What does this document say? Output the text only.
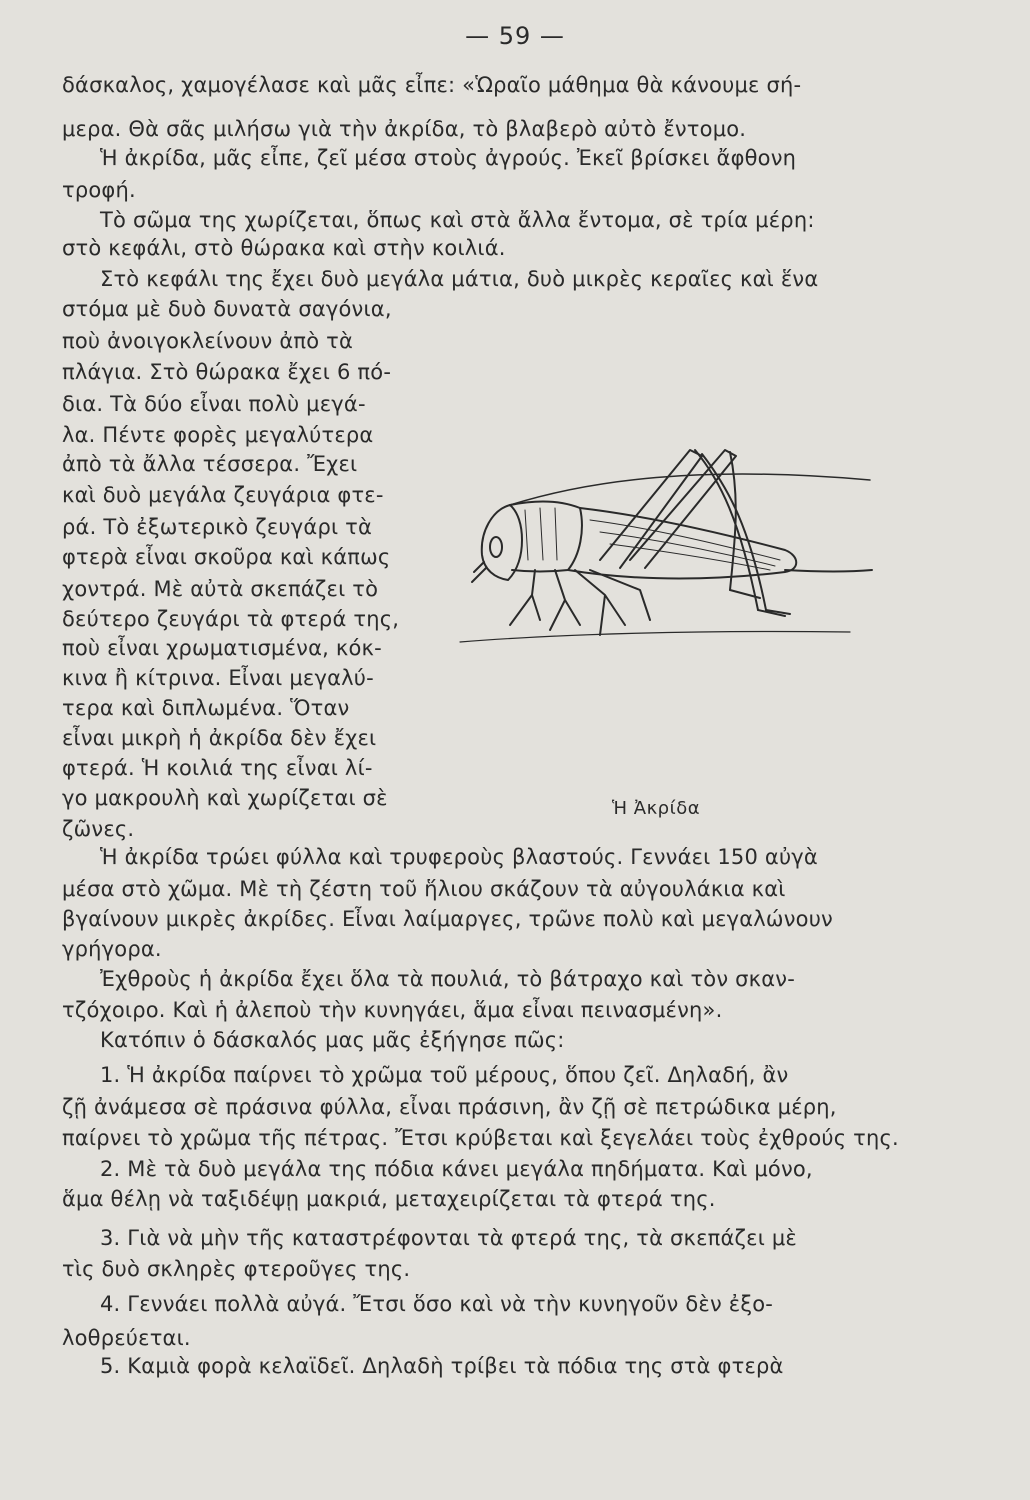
— 59 —
δάσκαλος, χαμογέλασε καὶ μᾶς εἶπε: «Ὡραῖο μάθημα θὰ κάνουμε σή-
μερα. Θὰ σᾶς μιλήσω γιὰ τὴν ἀκρίδα, τὸ βλαβερὸ αὐτὸ ἔντομο.
Ἡ ἀκρίδα, μᾶς εἶπε, ζεῖ μέσα στοὺς ἀγρούς. Ἐκεῖ βρίσκει ἄφθονη
τροφή.
Τὸ σῶμα της χωρίζεται, ὅπως καὶ στὰ ἄλλα ἔντομα, σὲ τρία μέρη:
στὸ κεφάλι, στὸ θώρακα καὶ στὴν κοιλιά.
Στὸ κεφάλι της ἔχει δυὸ μεγάλα μάτια, δυὸ μικρὲς κεραῖες καὶ ἕνα
στόμα μὲ δυὸ δυνατὰ σαγόνια,
ποὺ ἀνοιγοκλείνουν ἀπὸ τὰ
πλάγια. Στὸ θώρακα ἔχει 6 πό-
δια. Τὰ δύο εἶναι πολὺ μεγά-
λα. Πέντε φορὲς μεγαλύτερα
ἀπὸ τὰ ἄλλα τέσσερα. Ἔχει
καὶ δυὸ μεγάλα ζευγάρια φτε-
ρά. Τὸ ἐξωτερικὸ ζευγάρι τὰ
φτερὰ εἶναι σκοῦρα καὶ κάπως
χοντρά. Μὲ αὐτὰ σκεπάζει τὸ
δεύτερο ζευγάρι τὰ φτερά της,
ποὺ εἶναι χρωματισμένα, κόκ-
κινα ἢ κίτρινα. Εἶναι μεγαλύ-
τερα καὶ διπλωμένα. Ὅταν
εἶναι μικρὴ ἡ ἀκρίδα δὲν ἔχει
φτερά. Ἡ κοιλιά της εἶναι λί-
γο μακρουλὴ καὶ χωρίζεται σὲ
ζῶνες.
Ἡ ἀκρίδα τρώει φύλλα καὶ τρυφεροὺς βλαστούς. Γεννάει 150 αὐγὰ
μέσα στὸ χῶμα. Μὲ τὴ ζέστη τοῦ ἥλιου σκάζουν τὰ αὐγουλάκια καὶ
βγαίνουν μικρὲς ἀκρίδες. Εἶναι λαίμαργες, τρῶνε πολὺ καὶ μεγαλώνουν
γρήγορα.
Ἐχθροὺς ἡ ἀκρίδα ἔχει ὅλα τὰ πουλιά, τὸ βάτραχο καὶ τὸν σκαν-
τζόχοιρο. Καὶ ἡ ἀλεποὺ τὴν κυνηγάει, ἅμα εἶναι πεινασμένη».
Κατόπιν ὁ δάσκαλός μας μᾶς ἐξήγησε πῶς:
1. Ἡ ἀκρίδα παίρνει τὸ χρῶμα τοῦ μέρους, ὅπου ζεῖ. Δηλαδή, ἂν
ζῇ ἀνάμεσα σὲ πράσινα φύλλα, εἶναι πράσινη, ἂν ζῇ σὲ πετρώδικα μέρη,
παίρνει τὸ χρῶμα τῆς πέτρας. Ἔτσι κρύβεται καὶ ξεγελάει τοὺς ἐχθρούς της.
2. Μὲ τὰ δυὸ μεγάλα της πόδια κάνει μεγάλα πηδήματα. Καὶ μόνο,
ἅμα θέλῃ νὰ ταξιδέψῃ μακριά, μεταχειρίζεται τὰ φτερά της.
3. Γιὰ νὰ μὴν τῆς καταστρέφονται τὰ φτερά της, τὰ σκεπάζει μὲ
τὶς δυὸ σκληρὲς φτεροῦγες της.
4. Γεννάει πολλὰ αὐγά. Ἔτσι ὅσο καὶ νὰ τὴν κυνηγοῦν δὲν ἐξο-
λοθρεύεται.
5. Καμιὰ φορὰ κελαϊδεῖ. Δηλαδὴ τρίβει τὰ πόδια της στὰ φτερὰ
Ἡ Ἀκρίδα
